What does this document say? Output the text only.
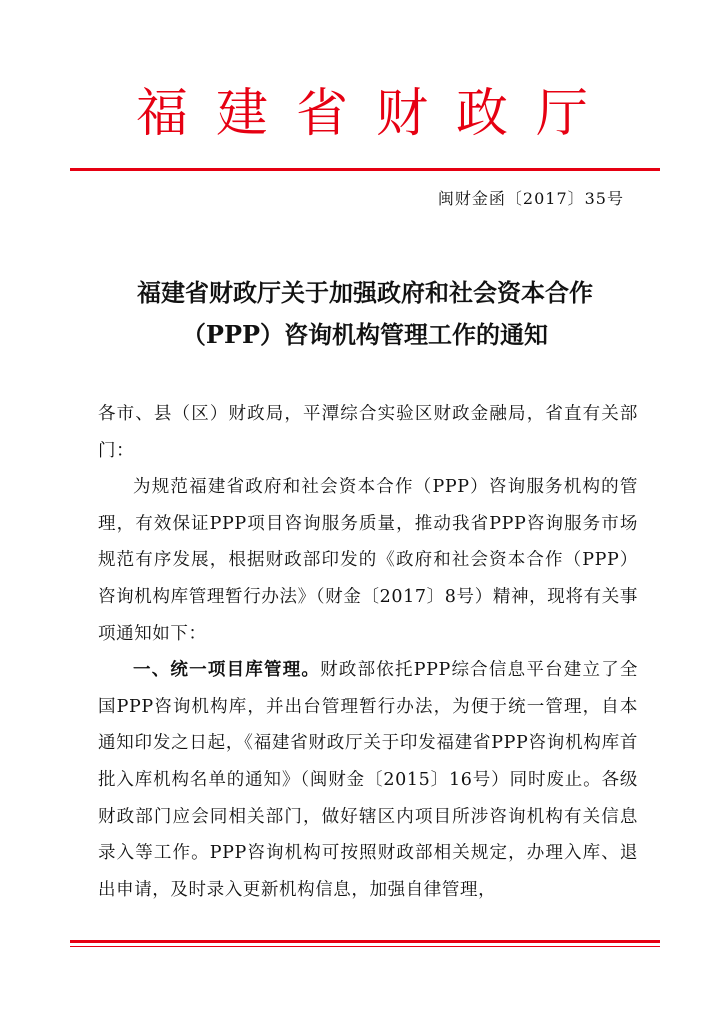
福建省财政厅
闽财金函〔2017〕35号
福建省财政厅关于加强政府和社会资本合作
（PPP）咨询机构管理工作的通知

各市、县（区）财政局，平潭综合实验区财政金融局，省直有关部门：

为规范福建省政府和社会资本合作（PPP）咨询服务机构的管理，有效保证PPP项目咨询服务质量，推动我省PPP咨询服务市场规范有序发展，根据财政部印发的《政府和社会资本合作（PPP）咨询机构库管理暂行办法》（财金〔2017〕8号）精神，现将有关事项通知如下：

一、统一项目库管理。财政部依托PPP综合信息平台建立了全国PPP咨询机构库，并出台管理暂行办法，为便于统一管理，自本通知印发之日起，《福建省财政厅关于印发福建省PPP咨询机构库首批入库机构名单的通知》（闽财金〔2015〕16号）同时废止。各级财政部门应会同相关部门，做好辖区内项目所涉咨询机构有关信息录入等工作。PPP咨询机构可按照财政部相关规定，办理入库、退出申请，及时录入更新机构信息，加强自律管理，
